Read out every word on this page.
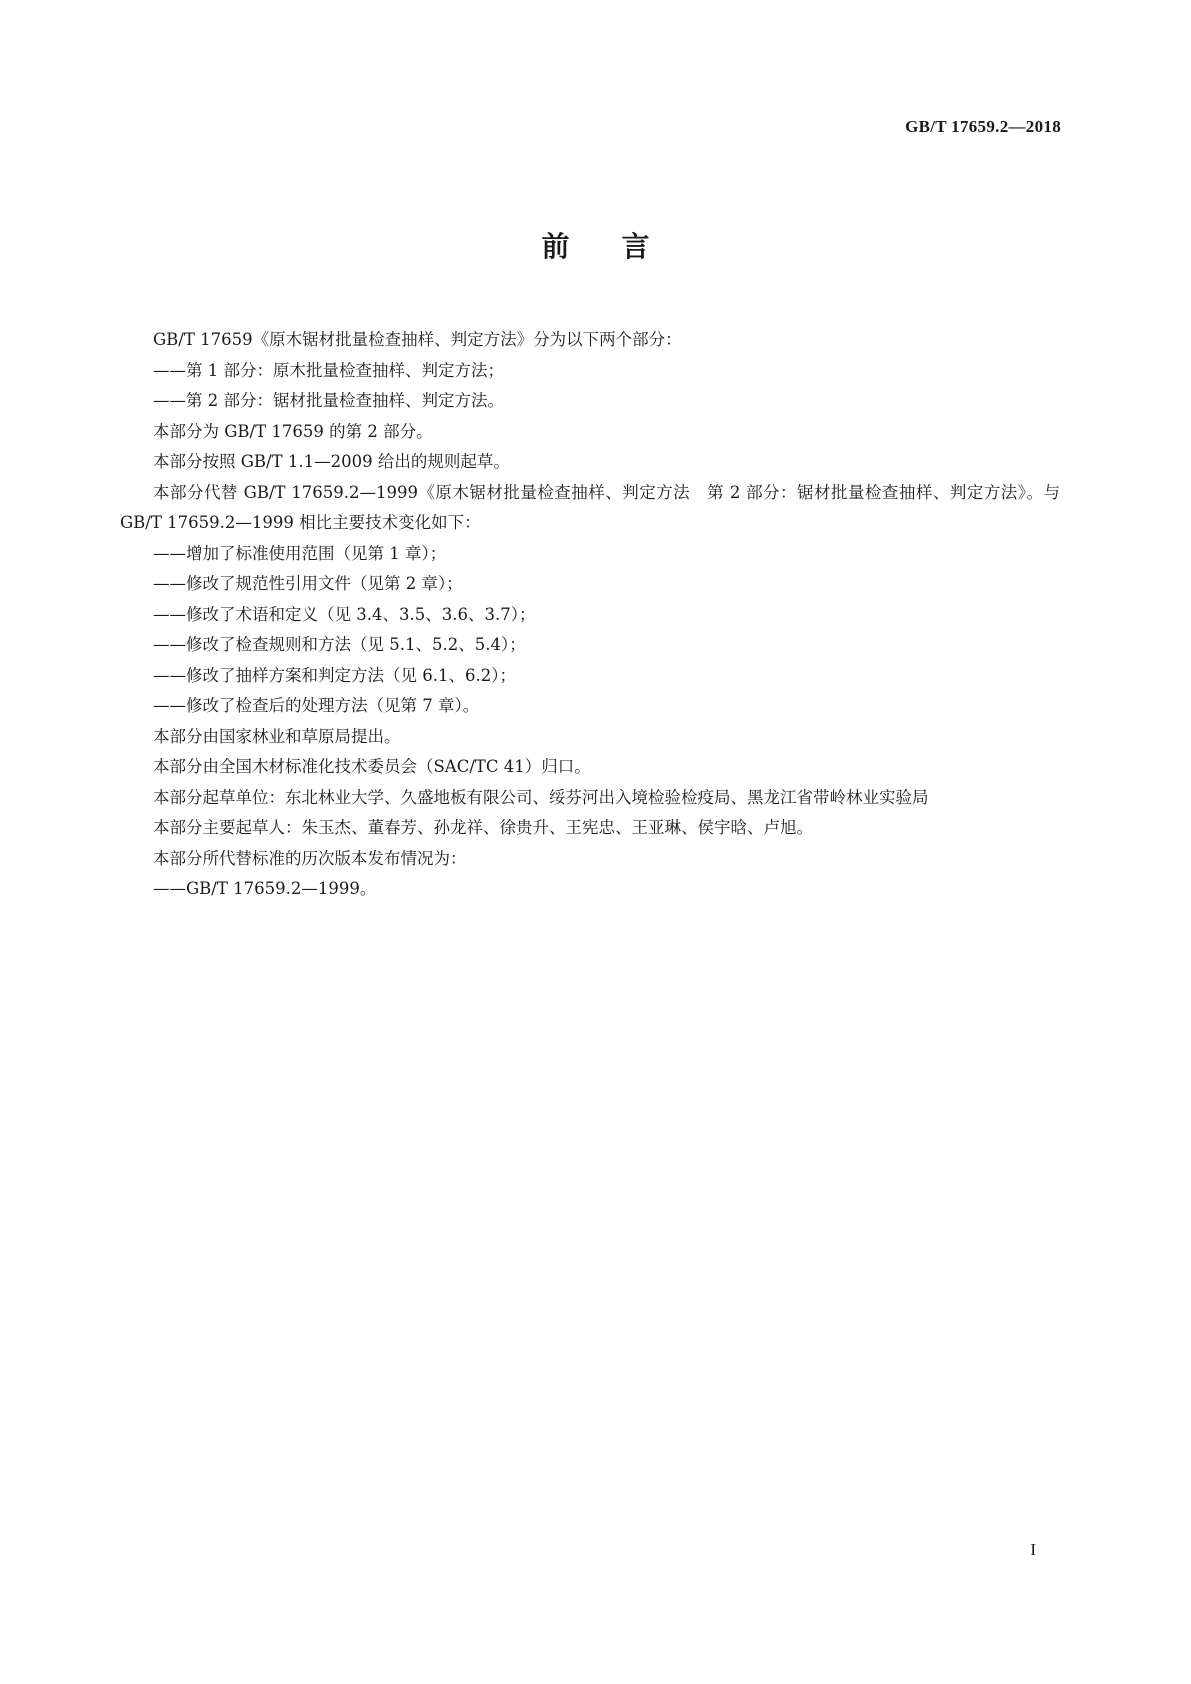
GB/T 17659.2—2018
前言

GB/T 17659《原木锯材批量检查抽样、判定方法》分为以下两个部分：

——第 1 部分：原木批量检查抽样、判定方法；

——第 2 部分：锯材批量检查抽样、判定方法。

本部分为 GB/T 17659 的第 2 部分。

本部分按照 GB/T 1.1—2009 给出的规则起草。

本部分代替 GB/T 17659.2—1999《原木锯材批量检查抽样、判定方法　第 2 部分：锯材批量检查抽样、判定方法》。与 GB/T 17659.2—1999 相比主要技术变化如下：

——增加了标准使用范围（见第 1 章）；

——修改了规范性引用文件（见第 2 章）；

——修改了术语和定义（见 3.4、3.5、3.6、3.7）；

——修改了检查规则和方法（见 5.1、5.2、5.4）；

——修改了抽样方案和判定方法（见 6.1、6.2）；

——修改了检查后的处理方法（见第 7 章）。

本部分由国家林业和草原局提出。

本部分由全国木材标准化技术委员会（SAC/TC 41）归口。

本部分起草单位：东北林业大学、久盛地板有限公司、绥芬河出入境检验检疫局、黑龙江省带岭林业实验局

本部分主要起草人：朱玉杰、董春芳、孙龙祥、徐贵升、王宪忠、王亚琳、侯宇晗、卢旭。

本部分所代替标准的历次版本发布情况为：

——GB/T 17659.2—1999。

I
